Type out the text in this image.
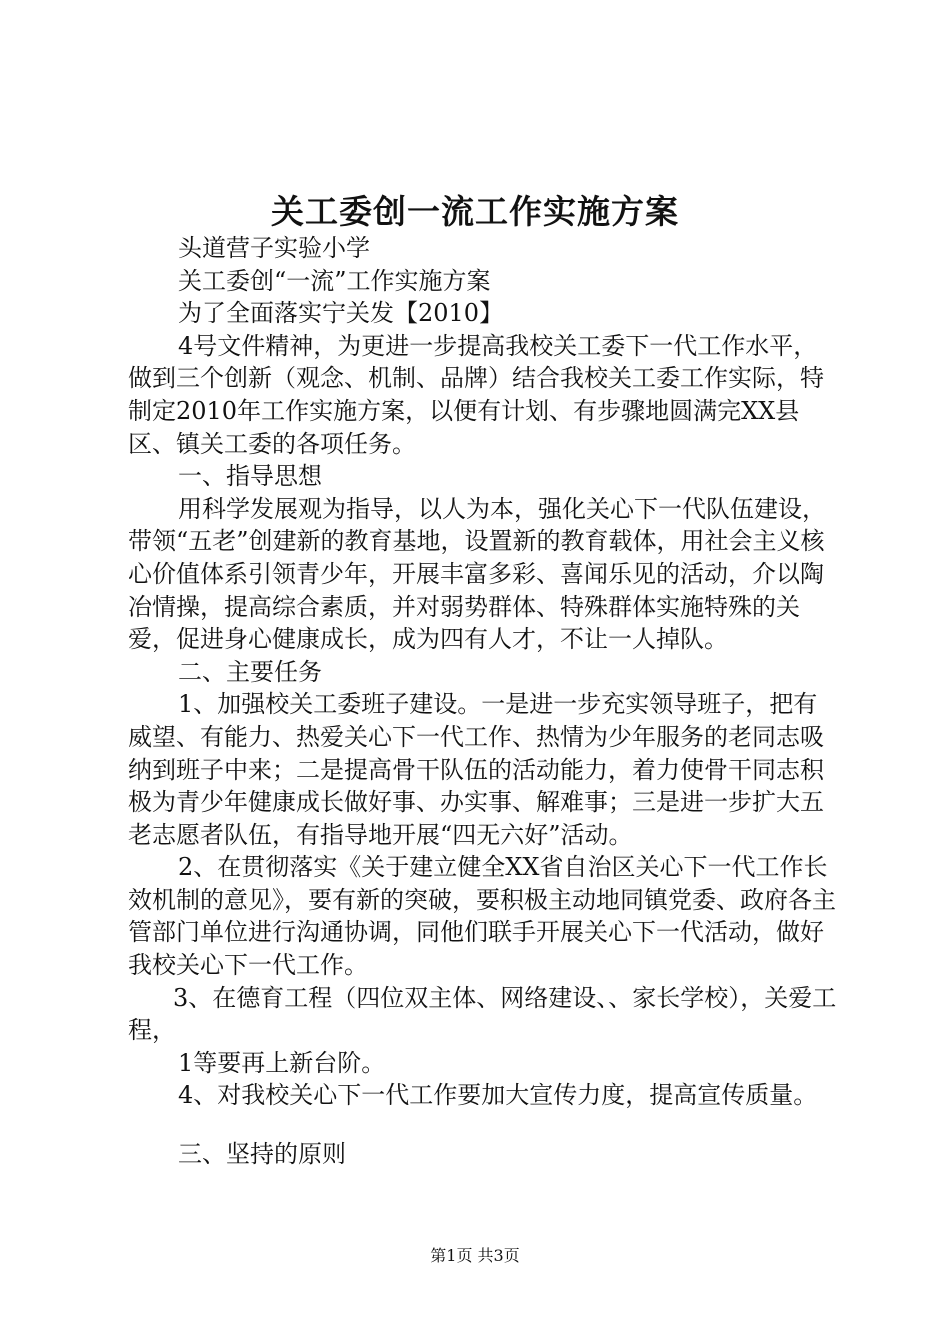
关工委创一流工作实施方案

头道营子实验小学

关工委创“一流”工作实施方案

为了全面落实宁关发【2010】

4号文件精神，为更进一步提高我校关工委下一代工作水平，做到三个创新（观念、机制、品牌）结合我校关工委工作实际，特制定2010年工作实施方案，以便有计划、有步骤地圆满完XX县区、镇关工委的各项任务。

一、指导思想

用科学发展观为指导，以人为本，强化关心下一代队伍建设，带领“五老”创建新的教育基地，设置新的教育载体，用社会主义核心价值体系引领青少年，开展丰富多彩、喜闻乐见的活动，介以陶冶情操，提高综合素质，并对弱势群体、特殊群体实施特殊的关爱，促进身心健康成长，成为四有人才，不让一人掉队。

二、主要任务

1、加强校关工委班子建设。一是进一步充实领导班子，把有威望、有能力、热爱关心下一代工作、热情为少年服务的老同志吸纳到班子中来；二是提高骨干队伍的活动能力，着力使骨干同志积极为青少年健康成长做好事、办实事、解难事；三是进一步扩大五老志愿者队伍，有指导地开展“四无六好”活动。

2、在贯彻落实《关于建立健全XX省自治区关心下一代工作长效机制的意见》，要有新的突破，要积极主动地同镇党委、政府各主管部门单位进行沟通协调，同他们联手开展关心下一代活动，做好我校关心下一代工作。

3、在德育工程（四位双主体、网络建设、、家长学校），关爱工程，

1等要再上新台阶。

4、对我校关心下一代工作要加大宣传力度，提高宣传质量。

三、坚持的原则

第1页 共3页
